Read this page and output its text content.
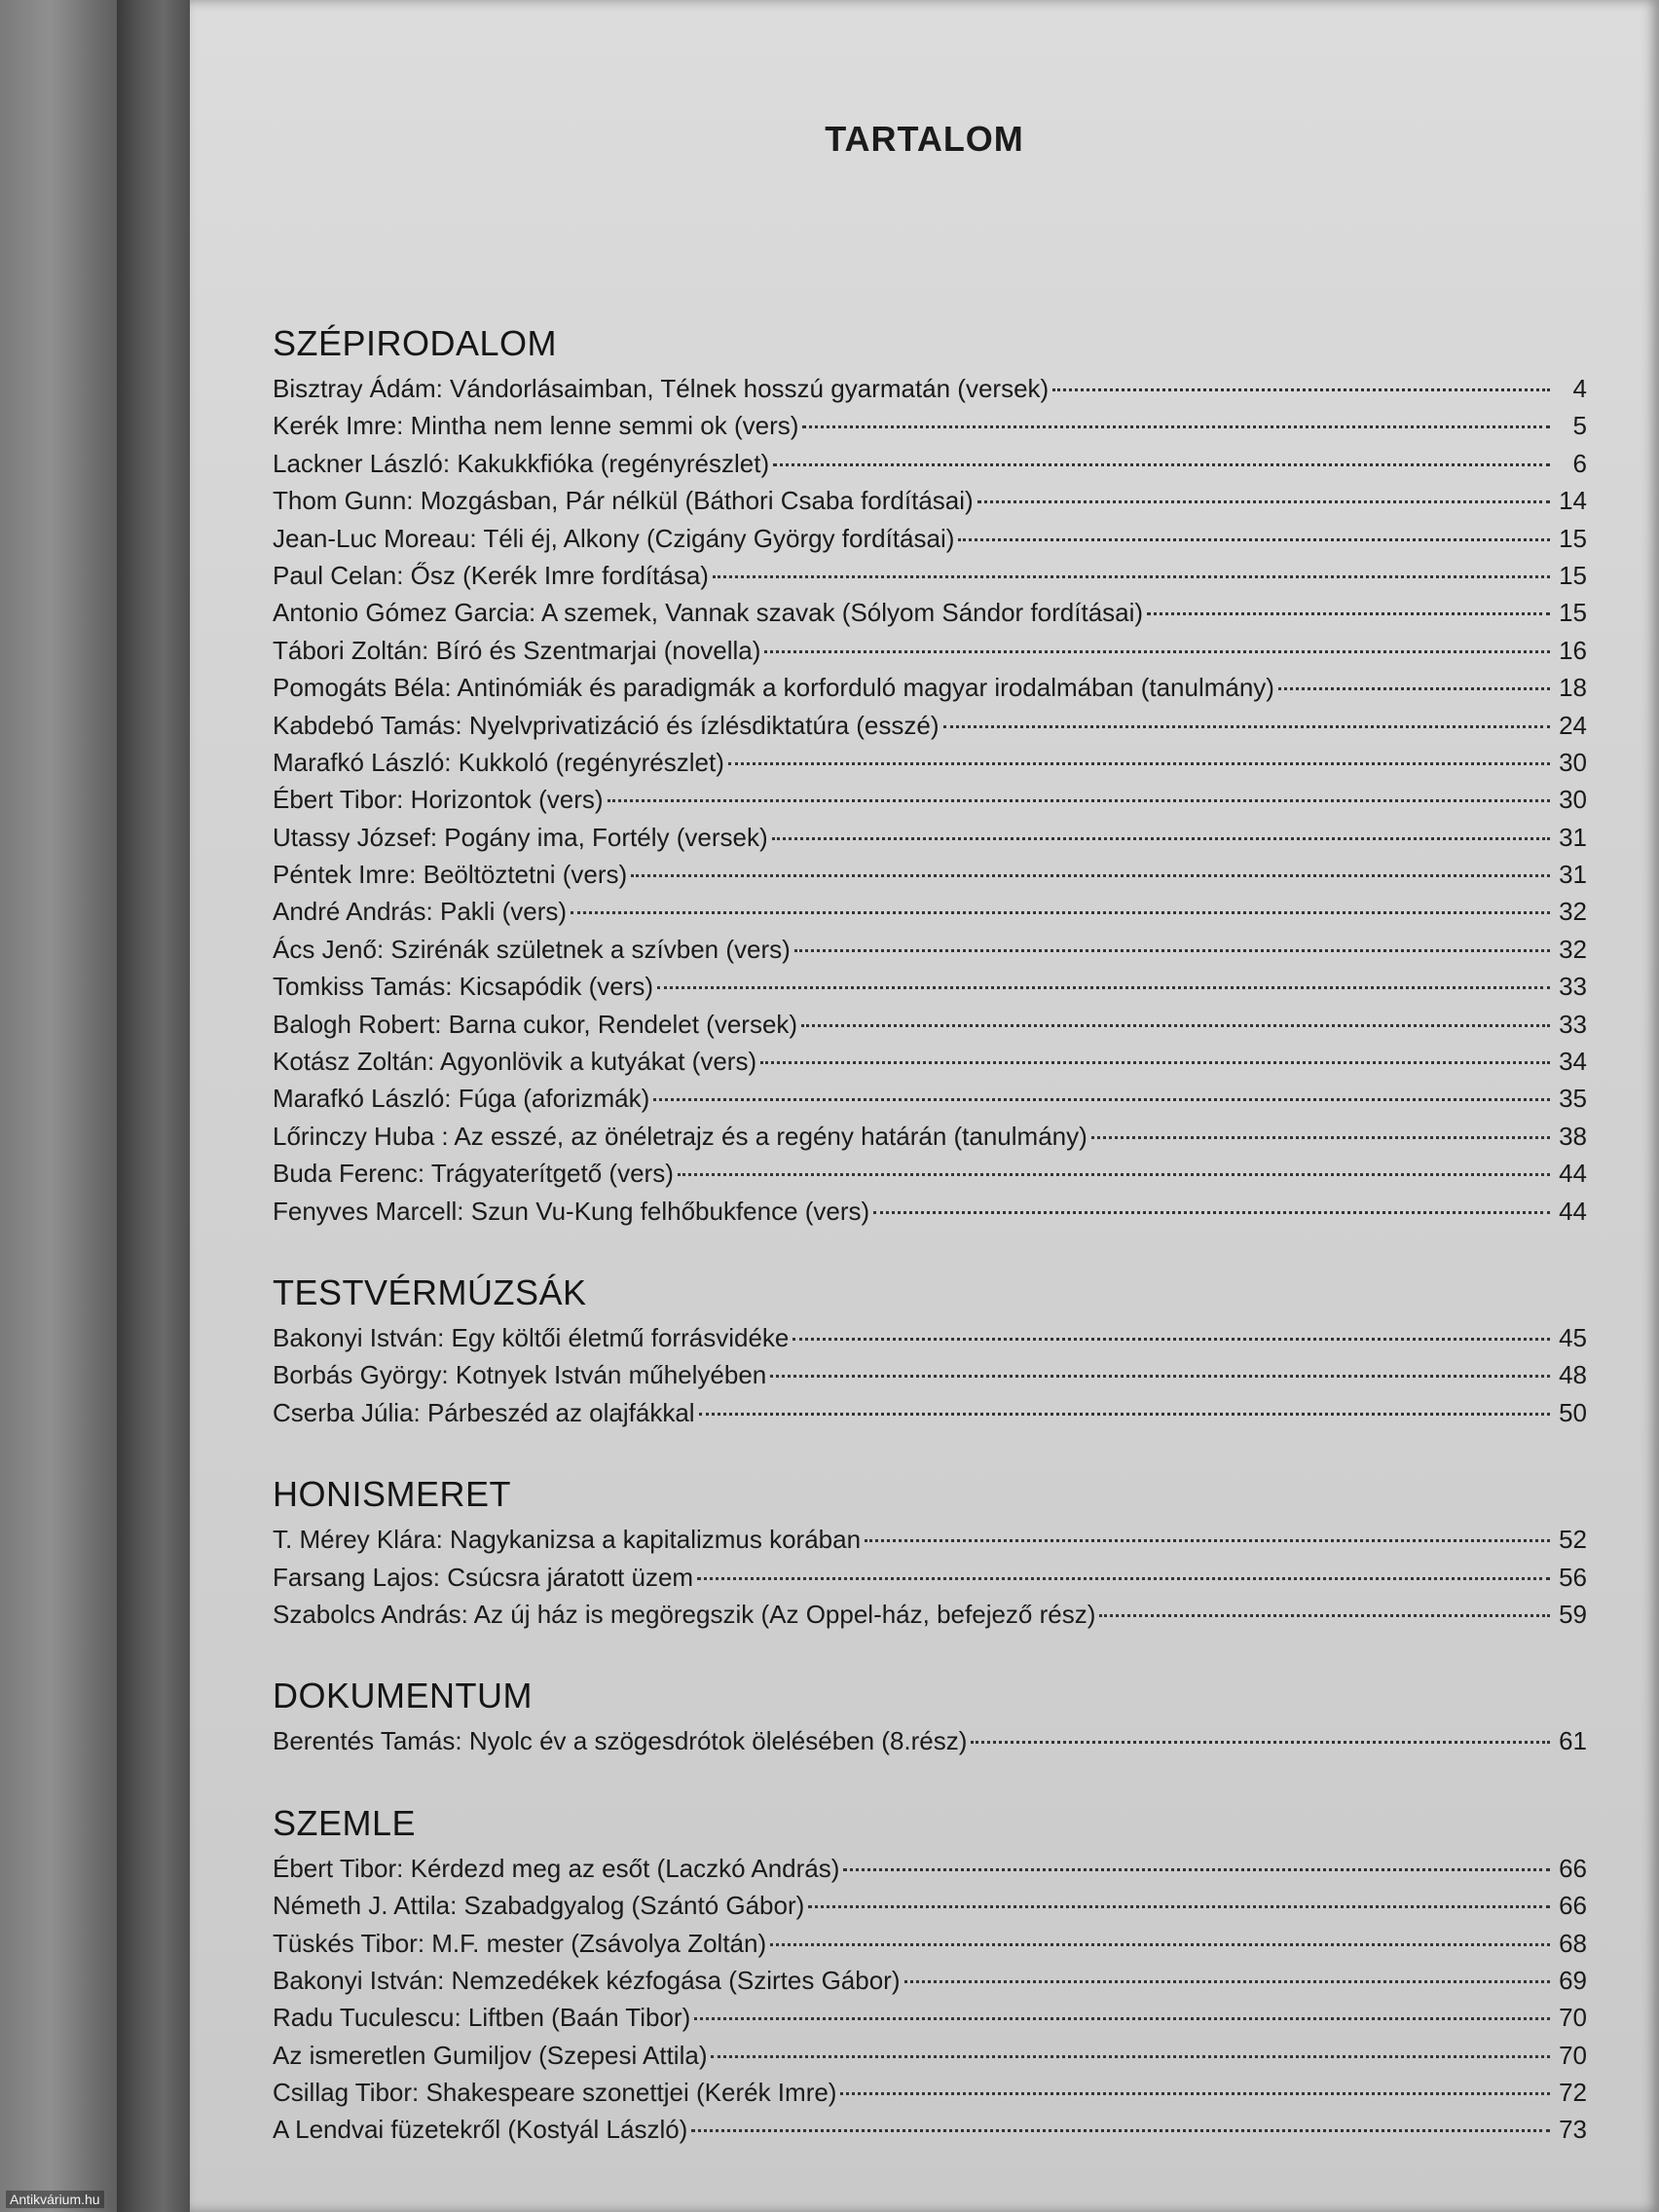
TARTALOM
SZÉPIRODALOM
Bisztray Ádám: Vándorlásaimban, Télnek hosszú gyarmatán (versek)	4
Kerék Imre: Mintha nem lenne semmi ok (vers)	5
Lackner László: Kakukkfióka (regényrészlet)	6
Thom Gunn: Mozgásban, Pár nélkül (Báthori Csaba fordításai)	14
Jean-Luc Moreau: Téli éj, Alkony (Czigány György fordításai)	15
Paul Celan: Ősz (Kerék Imre fordítása)	15
Antonio Gómez Garcia: A szemek, Vannak szavak (Sólyom Sándor fordításai)	15
Tábori Zoltán: Bíró és Szentmarjai (novella)	16
Pomogáts Béla: Antinómiák és paradigmák a korforduló magyar irodalmában (tanulmány)	18
Kabdebó Tamás: Nyelvprivatizáció és ízlésdiktatúra (esszé)	24
Marafkó László: Kukkoló (regényrészlet)	30
Ébert Tibor: Horizontok (vers)	30
Utassy József: Pogány ima, Fortély (versek)	31
Péntek Imre: Beöltöztetni (vers)	31
André András: Pakli (vers)	32
Ács Jenő: Szirénák születnek a szívben (vers)	32
Tomkiss Tamás: Kicsapódik (vers)	33
Balogh Robert: Barna cukor, Rendelet (versek)	33
Kotász Zoltán: Agyonlövik a kutyákat (vers)	34
Marafkó László: Fúga (aforizmák)	35
Lőrinczy Huba : Az esszé, az önéletrajz és a regény határán (tanulmány)	38
Buda Ferenc: Trágyaterítgető (vers)	44
Fenyves Marcell: Szun Vu-Kung felhőbukfence (vers)	44
TESTVÉRMÚZSÁK
Bakonyi István: Egy költői életmű forrásvidéke	45
Borbás György: Kotnyek István műhelyében	48
Cserba Júlia: Párbeszéd az olajfákkal	50
HONISMERET
T. Mérey Klára: Nagykanizsa a kapitalizmus korában	52
Farsang Lajos: Csúcsra járatott üzem	56
Szabolcs András: Az új ház is megöregszik (Az Oppel-ház, befejező rész)	59
DOKUMENTUM
Berentés Tamás: Nyolc év a szögesdrótok ölelésében (8.rész)	61
SZEMLE
Ébert Tibor: Kérdezd meg az esőt (Laczkó András)	66
Németh J. Attila: Szabadgyalog (Szántó Gábor)	66
Tüskés Tibor: M.F. mester (Zsávolya Zoltán)	68
Bakonyi István: Nemzedékek kézfogása (Szirtes Gábor)	69
Radu Tuculescu: Liftben (Baán Tibor)	70
Az ismeretlen Gumiljov (Szepesi Attila)	70
Csillag Tibor: Shakespeare szonettjei (Kerék Imre)	72
A Lendvai füzetekről (Kostyál László)	73
Antikvárium.hu
